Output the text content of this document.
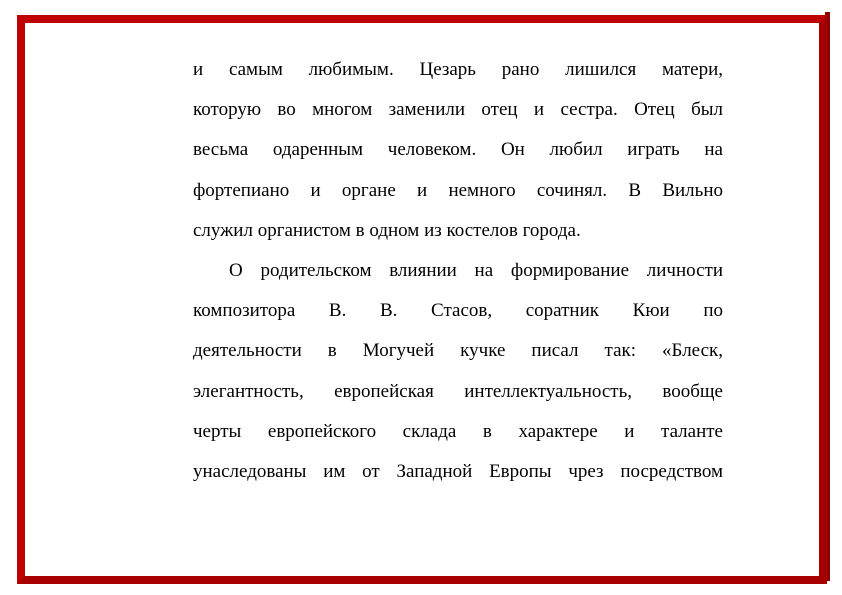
и самым любимым. Цезарь рано лишился матери,
которую во многом заменили отец и сестра. Отец был
весьма одаренным человеком. Он любил играть на
фортепиано и органе и немного сочинял. В Вильно
служил органистом в одном из костелов города.
О родительском влиянии на формирование личности
композитора В. В. Стасов, соратник Кюи по
деятельности в Могучей кучке писал так: «Блеск,
элегантность, европейская интеллектуальность, вообще
черты европейского склада в характере и таланте
унаследованы им от Западной Европы чрез посредством
